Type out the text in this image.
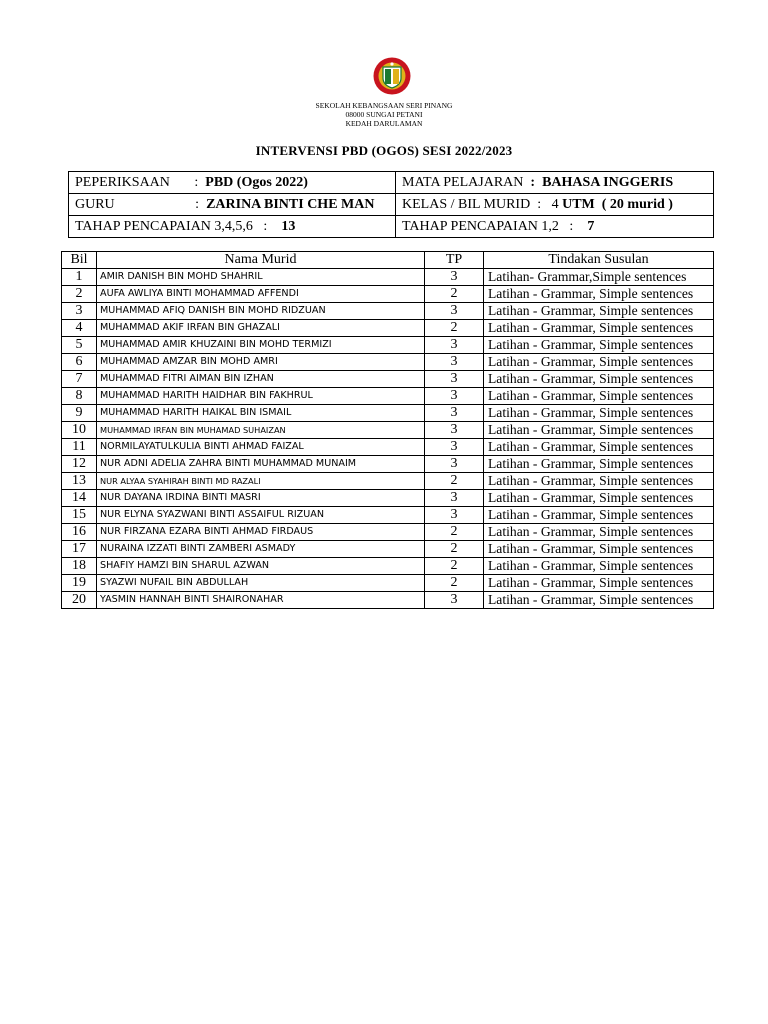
SEKOLAH KEBANGSAAN SERI PINANG
08000 SUNGAI PETANI
KEDAH DARULAMAN
INTERVENSI PBD (OGOS) SESI 2022/2023
PEPERIKSAAN       :  PBD (Ogos 2022)	MATA PELAJARAN : BAHASA INGGERIS
GURU                       :  ZARINA BINTI CHE MAN	KELAS / BIL MURID  :   4 UTM ( 20 murid )
TAHAP PENCAPAIAN 3,4,5,6   :    13	TAHAP PENCAPAIAN 1,2   :    7
Bil	Nama Murid	TP	Tindakan Susulan
1	AMIR DANISH BIN MOHD SHAHRIL	3	Latihan- Grammar,Simple sentences
2	AUFA AWLIYA BINTI MOHAMMAD AFFENDI	2	Latihan - Grammar, Simple sentences
3	MUHAMMAD AFIQ DANISH BIN MOHD RIDZUAN	3	Latihan - Grammar, Simple sentences
4	MUHAMMAD AKIF IRFAN BIN GHAZALI	2	Latihan - Grammar, Simple sentences
5	MUHAMMAD AMIR KHUZAINI BIN MOHD TERMIZI	3	Latihan - Grammar, Simple sentences
6	MUHAMMAD AMZAR BIN MOHD AMRI	3	Latihan - Grammar, Simple sentences
7	MUHAMMAD FITRI AIMAN BIN IZHAN	3	Latihan - Grammar, Simple sentences
8	MUHAMMAD HARITH HAIDHAR BIN FAKHRUL	3	Latihan - Grammar, Simple sentences
9	MUHAMMAD HARITH HAIKAL BIN ISMAIL	3	Latihan - Grammar, Simple sentences
10	MUHAMMAD IRFAN BIN MUHAMAD SUHAIZAN	3	Latihan - Grammar, Simple sentences
11	NORMILAYATULKULIA BINTI AHMAD FAIZAL	3	Latihan - Grammar, Simple sentences
12	NUR ADNI ADELIA ZAHRA BINTI MUHAMMAD MUNAIM	3	Latihan - Grammar, Simple sentences
13	NUR ALYAA SYAHIRAH BINTI MD RAZALI	2	Latihan - Grammar, Simple sentences
14	NUR DAYANA IRDINA BINTI MASRI	3	Latihan - Grammar, Simple sentences
15	NUR ELYNA SYAZWANI BINTI ASSAIFUL RIZUAN	3	Latihan - Grammar, Simple sentences
16	NUR FIRZANA EZARA BINTI AHMAD FIRDAUS	2	Latihan - Grammar, Simple sentences
17	NURAINA IZZATI BINTI ZAMBERI ASMADY	2	Latihan - Grammar, Simple sentences
18	SHAFIY HAMZI BIN SHARUL AZWAN	2	Latihan - Grammar, Simple sentences
19	SYAZWI NUFAIL BIN ABDULLAH	2	Latihan - Grammar, Simple sentences
20	YASMIN HANNAH BINTI SHAIRONAHAR	3	Latihan - Grammar, Simple sentences
